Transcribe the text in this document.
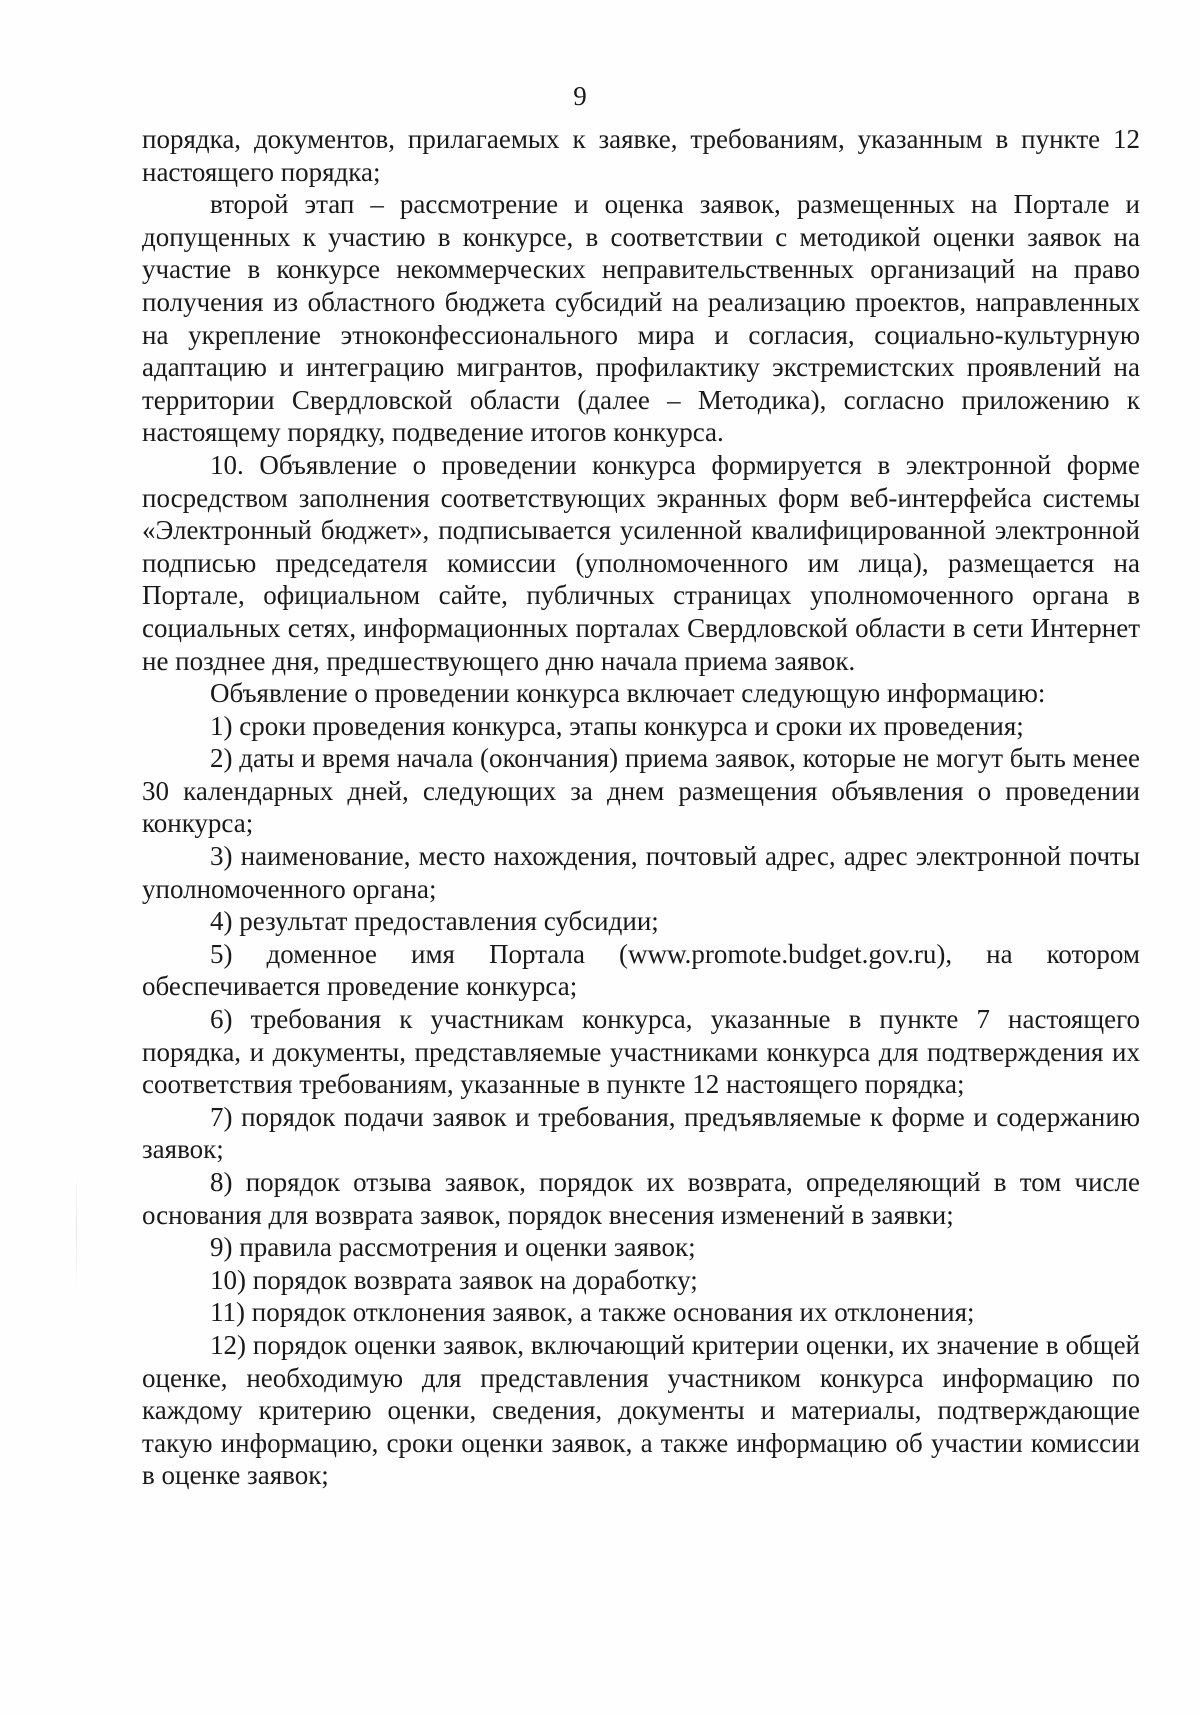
9

порядка, документов, прилагаемых к заявке, требованиям, указанным в пункте 12 настоящего порядка;

второй этап – рассмотрение и оценка заявок, размещенных на Портале и допущенных к участию в конкурсе, в соответствии с методикой оценки заявок на участие в конкурсе некоммерческих неправительственных организаций на право получения из областного бюджета субсидий на реализацию проектов, направленных на укрепление этноконфессионального мира и согласия, социально-культурную адаптацию и интеграцию мигрантов, профилактику экстремистских проявлений на территории Свердловской области (далее – Методика), согласно приложению к настоящему порядку, подведение итогов конкурса.

10. Объявление о проведении конкурса формируется в электронной форме посредством заполнения соответствующих экранных форм веб-интерфейса системы «Электронный бюджет», подписывается усиленной квалифицированной электронной подписью председателя комиссии (уполномоченного им лица), размещается на Портале, официальном сайте, публичных страницах уполномоченного органа в социальных сетях, информационных порталах Свердловской области в сети Интернет не позднее дня, предшествующего дню начала приема заявок.

Объявление о проведении конкурса включает следующую информацию:

1) сроки проведения конкурса, этапы конкурса и сроки их проведения;

2) даты и время начала (окончания) приема заявок, которые не могут быть менее 30 календарных дней, следующих за днем размещения объявления о проведении конкурса;

3) наименование, место нахождения, почтовый адрес, адрес электронной почты уполномоченного органа;

4) результат предоставления субсидии;

5) доменное имя Портала (www.promote.budget.gov.ru), на котором обеспечивается проведение конкурса;

6) требования к участникам конкурса, указанные в пункте 7 настоящего порядка, и документы, представляемые участниками конкурса для подтверждения их соответствия требованиям, указанные в пункте 12 настоящего порядка;

7) порядок подачи заявок и требования, предъявляемые к форме и содержанию заявок;

8) порядок отзыва заявок, порядок их возврата, определяющий в том числе основания для возврата заявок, порядок внесения изменений в заявки;

9) правила рассмотрения и оценки заявок;

10) порядок возврата заявок на доработку;

11) порядок отклонения заявок, а также основания их отклонения;

12) порядок оценки заявок, включающий критерии оценки, их значение в общей оценке, необходимую для представления участником конкурса информацию по каждому критерию оценки, сведения, документы и материалы, подтверждающие такую информацию, сроки оценки заявок, а также информацию об участии комиссии в оценке заявок;
